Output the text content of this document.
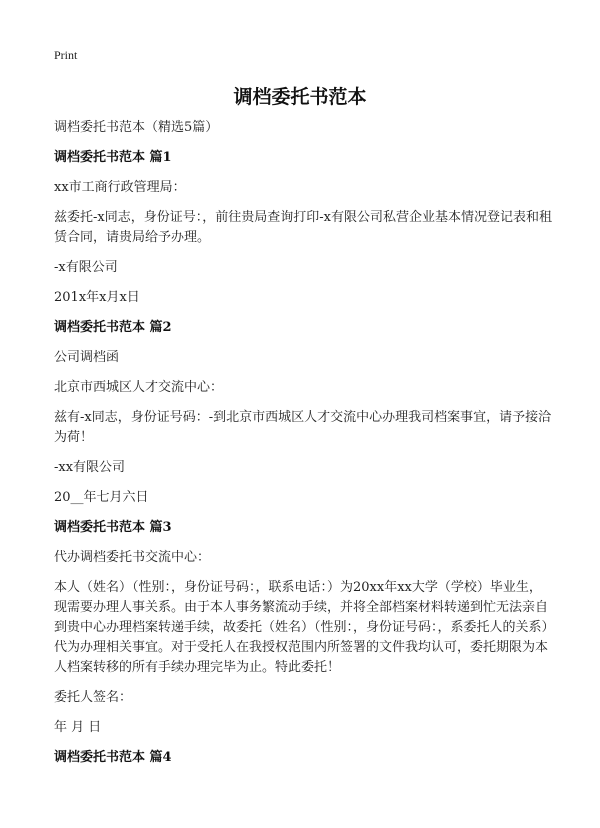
Print
调档委托书范本

调档委托书范本（精选5篇）

调档委托书范本 篇1

xx市工商行政管理局：

兹委托-x同志，身份证号：，前往贵局查询打印-x有限公司私营企业基本情况登记表和租赁合同，请贵局给予办理。

-x有限公司

201x年x月x日

调档委托书范本 篇2

公司调档函

北京市西城区人才交流中心：

兹有-x同志，身份证号码：-到北京市西城区人才交流中心办理我司档案事宜，请予接洽为荷！

-xx有限公司

20__年七月六日

调档委托书范本 篇3

代办调档委托书交流中心：

本人（姓名）（性别：，身份证号码：，联系电话：）为20xx年xx大学（学校）毕业生，现需要办理人事关系。由于本人事务繁流动手续，并将全部档案材料转递到忙无法亲自到贵中心办理档案转递手续，故委托（姓名）（性别：，身份证号码：，系委托人的关系）代为办理相关事宜。对于受托人在我授权范围内所签署的文件我均认可，委托期限为本人档案转移的所有手续办理完毕为止。特此委托！

委托人签名：

年 月 日

调档委托书范本 篇4
